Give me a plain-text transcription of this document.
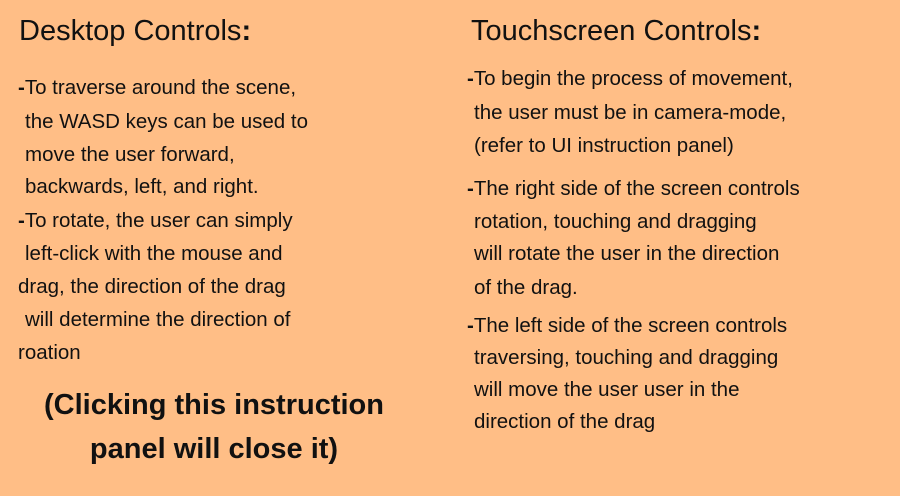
Desktop Controls:
-To traverse around the scene,
the WASD keys can be used to
move the user forward,
backwards, left, and right.
-To rotate, the user can simply
left-click with the mouse and
drag, the direction of the drag
will determine the direction of
roation
(Clicking this instruction
panel will close it)
Touchscreen Controls:
-To begin the process of movement,
the user must be in camera-mode,
(refer to UI instruction panel)
-The right side of the screen controls
rotation, touching and dragging
will rotate the user in the direction
of the drag.
-The left side of the screen controls
traversing, touching and dragging
will move the user user in the
direction of the drag
